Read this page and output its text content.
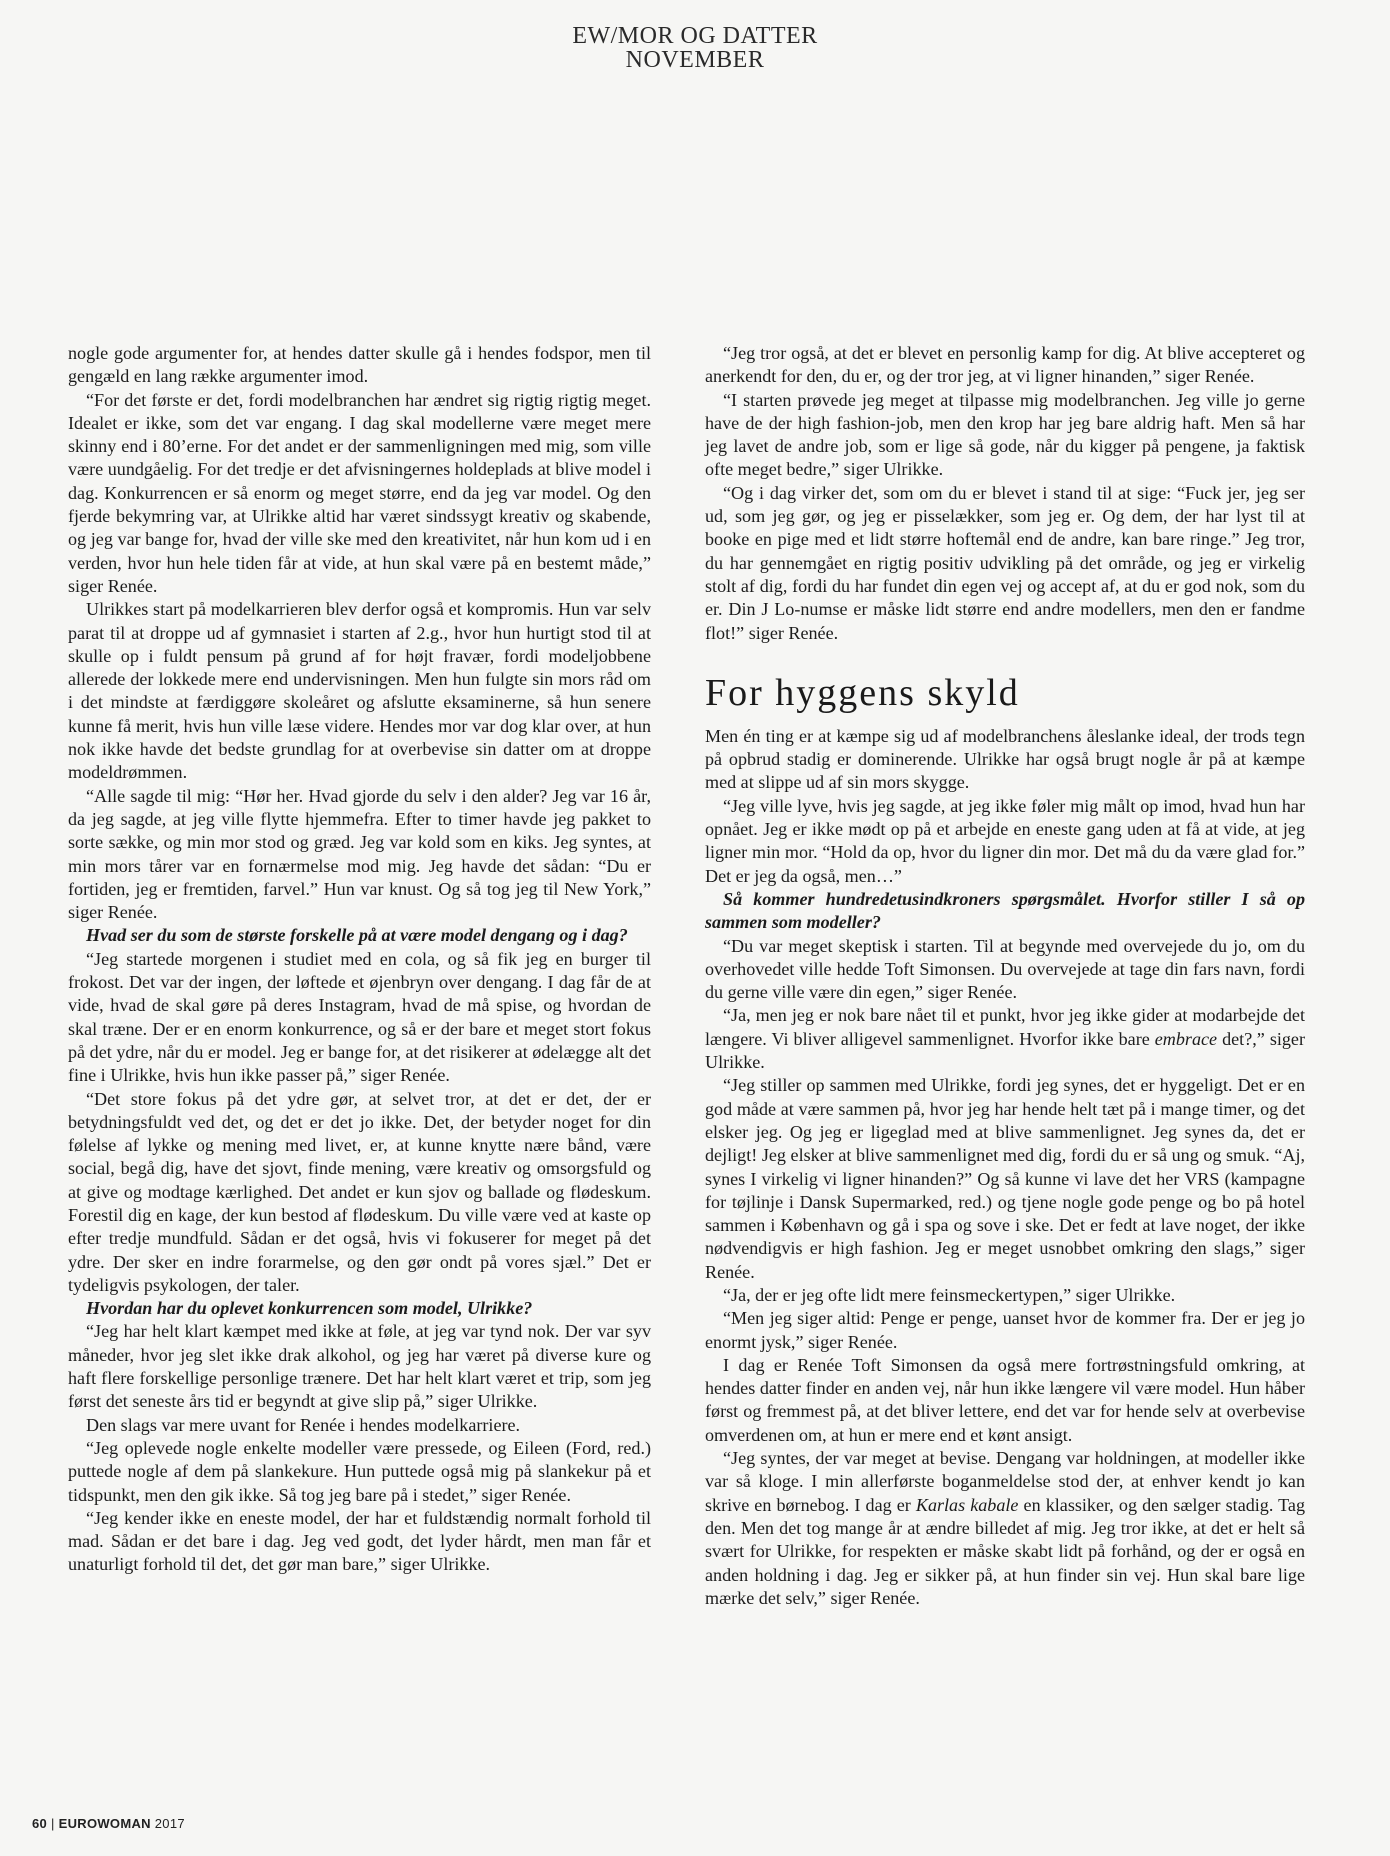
EW/MOR OG DATTER
NOVEMBER

nogle gode argumenter for, at hendes datter skulle gå i hendes fodspor, men til gengæld en lang række argumenter imod.

“For det første er det, fordi modelbranchen har ændret sig rigtig rigtig meget. Idealet er ikke, som det var engang. I dag skal modellerne være meget mere skinny end i 80’erne. For det andet er der sammenligningen med mig, som ville være uundgåelig. For det tredje er det afvisningernes holdeplads at blive model i dag. Konkurrencen er så enorm og meget større, end da jeg var model. Og den fjerde bekymring var, at Ulrikke altid har været sindssygt kreativ og skabende, og jeg var bange for, hvad der ville ske med den kreativitet, når hun kom ud i en verden, hvor hun hele tiden får at vide, at hun skal være på en bestemt måde,” siger Renée.

Ulrikkes start på modelkarrieren blev derfor også et kompromis. Hun var selv parat til at droppe ud af gymnasiet i starten af 2.g., hvor hun hurtigt stod til at skulle op i fuldt pensum på grund af for højt fravær, fordi modeljobbene allerede der lokkede mere end undervisningen. Men hun fulgte sin mors råd om i det mindste at færdiggøre skoleåret og afslutte eksaminerne, så hun senere kunne få merit, hvis hun ville læse videre. Hendes mor var dog klar over, at hun nok ikke havde det bedste grundlag for at overbevise sin datter om at droppe modeldrømmen.

“Alle sagde til mig: “Hør her. Hvad gjorde du selv i den alder? Jeg var 16 år, da jeg sagde, at jeg ville flytte hjemmefra. Efter to timer havde jeg pakket to sorte sække, og min mor stod og græd. Jeg var kold som en kiks. Jeg syntes, at min mors tårer var en fornærmelse mod mig. Jeg havde det sådan: “Du er fortiden, jeg er fremtiden, farvel.” Hun var knust. Og så tog jeg til New York,” siger Renée.

Hvad ser du som de største forskelle på at være model dengang og i dag?

“Jeg startede morgenen i studiet med en cola, og så fik jeg en burger til frokost. Det var der ingen, der løftede et øjenbryn over dengang. I dag får de at vide, hvad de skal gøre på deres Instagram, hvad de må spise, og hvordan de skal træne. Der er en enorm konkurrence, og så er der bare et meget stort fokus på det ydre, når du er model. Jeg er bange for, at det risikerer at ødelægge alt det fine i Ulrikke, hvis hun ikke passer på,” siger Renée.

“Det store fokus på det ydre gør, at selvet tror, at det er det, der er betydningsfuldt ved det, og det er det jo ikke. Det, der betyder noget for din følelse af lykke og mening med livet, er, at kunne knytte nære bånd, være social, begå dig, have det sjovt, finde mening, være kreativ og omsorgsfuld og at give og modtage kærlighed. Det andet er kun sjov og ballade og flødeskum. Forestil dig en kage, der kun bestod af flødeskum. Du ville være ved at kaste op efter tredje mundfuld. Sådan er det også, hvis vi fokuserer for meget på det ydre. Der sker en indre forarmelse, og den gør ondt på vores sjæl.” Det er tydeligvis psykologen, der taler.

Hvordan har du oplevet konkurrencen som model, Ulrikke?

“Jeg har helt klart kæmpet med ikke at føle, at jeg var tynd nok. Der var syv måneder, hvor jeg slet ikke drak alkohol, og jeg har været på diverse kure og haft flere forskellige personlige trænere. Det har helt klart været et trip, som jeg først det seneste års tid er begyndt at give slip på,” siger Ulrikke.

Den slags var mere uvant for Renée i hendes modelkarriere.

“Jeg oplevede nogle enkelte modeller være pressede, og Eileen (Ford, red.) puttede nogle af dem på slankekure. Hun puttede også mig på slankekur på et tidspunkt, men den gik ikke. Så tog jeg bare på i stedet,” siger Renée.

“Jeg kender ikke en eneste model, der har et fuldstændig normalt forhold til mad. Sådan er det bare i dag. Jeg ved godt, det lyder hårdt, men man får et unaturligt forhold til det, det gør man bare,” siger Ulrikke.

“Jeg tror også, at det er blevet en personlig kamp for dig. At blive accepteret og anerkendt for den, du er, og der tror jeg, at vi ligner hinanden,” siger Renée.

“I starten prøvede jeg meget at tilpasse mig modelbranchen. Jeg ville jo gerne have de der high fashion-job, men den krop har jeg bare aldrig haft. Men så har jeg lavet de andre job, som er lige så gode, når du kigger på pengene, ja faktisk ofte meget bedre,” siger Ulrikke.

“Og i dag virker det, som om du er blevet i stand til at sige: “Fuck jer, jeg ser ud, som jeg gør, og jeg er pisselækker, som jeg er. Og dem, der har lyst til at booke en pige med et lidt større hoftemål end de andre, kan bare ringe.” Jeg tror, du har gennemgået en rigtig positiv udvikling på det område, og jeg er virkelig stolt af dig, fordi du har fundet din egen vej og accept af, at du er god nok, som du er. Din J Lo-numse er måske lidt større end andre modellers, men den er fandme flot!” siger Renée.

For hyggens skyld

Men én ting er at kæmpe sig ud af modelbranchens åleslanke ideal, der trods tegn på opbrud stadig er dominerende. Ulrikke har også brugt nogle år på at kæmpe med at slippe ud af sin mors skygge.

“Jeg ville lyve, hvis jeg sagde, at jeg ikke føler mig målt op imod, hvad hun har opnået. Jeg er ikke mødt op på et arbejde en eneste gang uden at få at vide, at jeg ligner min mor. “Hold da op, hvor du ligner din mor. Det må du da være glad for.” Det er jeg da også, men…”

Så kommer hundredetusindkroners spørgsmålet. Hvorfor stiller I så op sammen som modeller?

“Du var meget skeptisk i starten. Til at begynde med overvejede du jo, om du overhovedet ville hedde Toft Simonsen. Du overvejede at tage din fars navn, fordi du gerne ville være din egen,” siger Renée.

“Ja, men jeg er nok bare nået til et punkt, hvor jeg ikke gider at modarbejde det længere. Vi bliver alligevel sammenlignet. Hvorfor ikke bare embrace det?,” siger Ulrikke.

“Jeg stiller op sammen med Ulrikke, fordi jeg synes, det er hyggeligt. Det er en god måde at være sammen på, hvor jeg har hende helt tæt på i mange timer, og det elsker jeg. Og jeg er ligeglad med at blive sammenlignet. Jeg synes da, det er dejligt! Jeg elsker at blive sammenlignet med dig, fordi du er så ung og smuk. “Aj, synes I virkelig vi ligner hinanden?” Og så kunne vi lave det her VRS (kampagne for tøjlinje i Dansk Supermarked, red.) og tjene nogle gode penge og bo på hotel sammen i København og gå i spa og sove i ske. Det er fedt at lave noget, der ikke nødvendigvis er high fashion. Jeg er meget usnobbet omkring den slags,” siger Renée.

“Ja, der er jeg ofte lidt mere feinsmeckertypen,” siger Ulrikke.

“Men jeg siger altid: Penge er penge, uanset hvor de kommer fra. Der er jeg jo enormt jysk,” siger Renée.

I dag er Renée Toft Simonsen da også mere fortrøstningsfuld omkring, at hendes datter finder en anden vej, når hun ikke længere vil være model. Hun håber først og fremmest på, at det bliver lettere, end det var for hende selv at overbevise omverdenen om, at hun er mere end et kønt ansigt.

“Jeg syntes, der var meget at bevise. Dengang var holdningen, at modeller ikke var så kloge. I min allerførste boganmeldelse stod der, at enhver kendt jo kan skrive en børnebog. I dag er Karlas kabale en klassiker, og den sælger stadig. Tag den. Men det tog mange år at ændre billedet af mig. Jeg tror ikke, at det er helt så svært for Ulrikke, for respekten er måske skabt lidt på forhånd, og der er også en anden holdning i dag. Jeg er sikker på, at hun finder sin vej. Hun skal bare lige mærke det selv,” siger Renée.

60 | EUROWOMAN 2017
